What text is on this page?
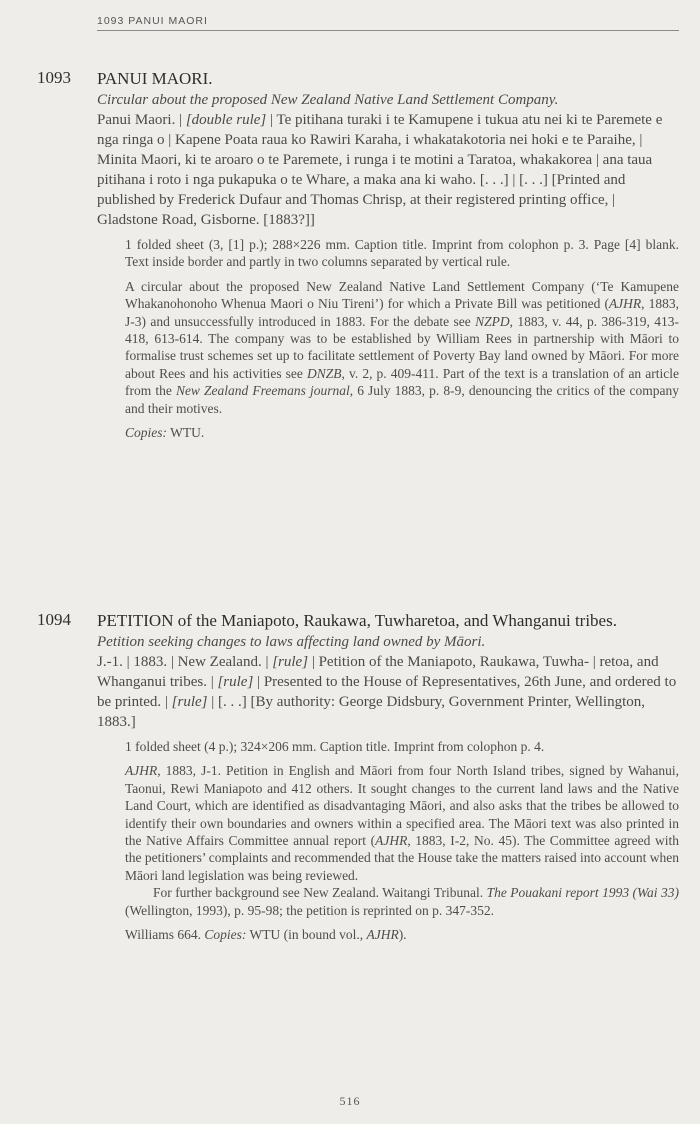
1093 PANUI MAORI
1093 PANUI MAORI.

Circular about the proposed New Zealand Native Land Settlement Company.

Panui Maori. | [double rule] | Te pitihana turaki i te Kamupene i tukua atu nei ki te Paremete e nga ringa o | Kapene Poata raua ko Rawiri Karaha, i whakatakotoria nei hoki e te Paraihe, | Minita Maori, ki te aroaro o te Paremete, i runga i te motini a Taratoa, whakakorea | ana taua pitihana i roto i nga pukapuka o te Whare, a maka ana ki waho. [. . .] | [. . .] [Printed and published by Frederick Dufaur and Thomas Chrisp, at their registered printing office, | Gladstone Road, Gisborne. [1883?]]

1 folded sheet (3, [1] p.); 288×226 mm. Caption title. Imprint from colophon p. 3. Page [4] blank. Text inside border and partly in two columns separated by vertical rule.

A circular about the proposed New Zealand Native Land Settlement Company (‘Te Kamupene Whakanohonoho Whenua Maori o Niu Tireni’) for which a Private Bill was petitioned (AJHR, 1883, J-3) and unsuccessfully introduced in 1883. For the debate see NZPD, 1883, v. 44, p. 386-319, 413-418, 613-614. The company was to be established by William Rees in partnership with Māori to formalise trust schemes set up to facilitate settlement of Poverty Bay land owned by Māori. For more about Rees and his activities see DNZB, v. 2, p. 409-411. Part of the text is a translation of an article from the New Zealand Freemans journal, 6 July 1883, p. 8-9, denouncing the critics of the company and their motives.

Copies: WTU.

1094 PETITION of the Maniapoto, Raukawa, Tuwharetoa, and Whanganui tribes.

Petition seeking changes to laws affecting land owned by Māori.

J.-1. | 1883. | New Zealand. | [rule] | Petition of the Maniapoto, Raukawa, Tuwha- | retoa, and Whanganui tribes. | [rule] | Presented to the House of Representatives, 26th June, and ordered to be printed. | [rule] | [. . .] [By authority: George Didsbury, Government Printer, Wellington, 1883.]

1 folded sheet (4 p.); 324×206 mm. Caption title. Imprint from colophon p. 4.

AJHR, 1883, J-1. Petition in English and Māori from four North Island tribes, signed by Wahanui, Taonui, Rewi Maniapoto and 412 others. It sought changes to the current land laws and the Native Land Court, which are identified as disadvantaging Māori, and also asks that the tribes be allowed to identify their own boundaries and owners within a specified area. The Māori text was also printed in the Native Affairs Committee annual report (AJHR, 1883, I-2, No. 45). The Committee agreed with the petitioners’ complaints and recommended that the House take the matters raised into account when Māori land legislation was being reviewed.

For further background see New Zealand. Waitangi Tribunal. The Pouakani report 1993 (Wai 33) (Wellington, 1993), p. 95-98; the petition is reprinted on p. 347-352.

Williams 664. Copies: WTU (in bound vol., AJHR).

516
